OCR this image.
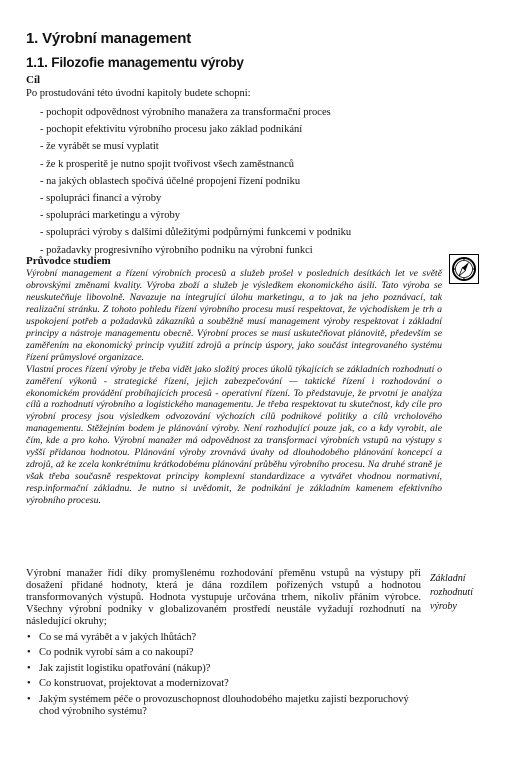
1. Výrobní management
1.1. Filozofie managementu výroby
Cíl
Po prostudování této úvodní kapitoly budete schopni:
- pochopit odpovědnost výrobního manažera za transformační proces
- pochopit efektivitu výrobního procesu jako základ podnikání
- že vyrábět se musí vyplatit
- že k prosperitě je nutno spojit tvořivost všech zaměstnanců
- na jakých oblastech spočívá účelné propojení řízení podniku
- spolupráci financí a výroby
- spolupráci marketingu a výroby
- spolupráci výroby s dalšími důležitými podpůrnými funkcemi v podniku
- požadavky progresivního výrobního podniku na výrobní funkci
Průvodce studiem

Výrobní management a řízení výrobních procesů a služeb prošel v posledních desítkách let ve světě obrovskými změnami kvality. Výroba zboží a služeb je výsledkem ekonomického úsilí. Tato výroba se neuskutečňuje libovolně. Navazuje na integrující úlohu marketingu, a to jak na jeho poznávací, tak realizační stránku. Z tohoto pohledu řízení výrobního procesu musí respektovat, že východiskem je trh a uspokojení potřeb a požadavků zákazníků a souběžně musí management výroby respektovat i základní principy a nástroje managementu obecně. Výrobní proces se musí uskutečňovat plánovitě, především se zaměřením na ekonomický princip využití zdrojů a princip úspory, jako součást integrovaného systému řízení průmyslové organizace.

Vlastní proces řízení výroby je třeba vidět jako složitý proces úkolů týkajících se základních rozhodnutí o zaměření výkonů - strategické řízení, jejich zabezpečování — taktické řízení i rozhodování o ekonomickém provádění probíhajících procesů - operativní řízení. To představuje, že prvotní je analýza cílů a rozhodnutí výrobního a logistického managementu. Je třeba respektovat tu skutečnost, kdy cíle pro výrobní procesy jsou výsledkem odvozování výchozích cílů podnikové politiky a cílů vrcholového managementu. Stěžejním bodem je plánování výroby. Není rozhodující pouze jak, co a kdy vyrobit, ale čím, kde a pro koho. Výrobní manažer má odpovědnost za transformaci výrobních vstupů na výstupy s vyšší přidanou hodnotou. Plánování výroby zrovnává úvahy od dlouhodobého plánování koncepcí a zdrojů, až ke zcela konkrétnímu krátkodobému plánování průběhu výrobního procesu. Na druhé straně je však třeba současně respektovat principy komplexní standardizace a vytvářet vhodnou normativní, resp.informační základnu. Je nutno si uvědomit, že podnikání je základním kamenem efektivního výrobního procesu.

Výrobní manažer řídí díky promyšlenému rozhodování přeměnu vstupů na výstupy při dosažení přidané hodnoty, která je dána rozdílem pořízených vstupů a hodnotou transformovaných výstupů. Hodnota vystupuje určována trhem, nikoliv přáním výrobce. Všechny výrobní podniky v globalizovaném prostředí neustále vyžadují rozhodnutí na následující okruhy;
• Co se má vyrábět a v jakých lhůtách?
• Co podnik vyrobí sám a co nakoupí?
• Jak zajistit logistiku opatřování (nákup)?
• Co konstruovat, projektovat a modernizovat?
• Jakým systémem péče o provozuschopnost dlouhodobého majetku zajistí bezporuchový chod výrobního systému?
Základní rozhodnutí výroby
